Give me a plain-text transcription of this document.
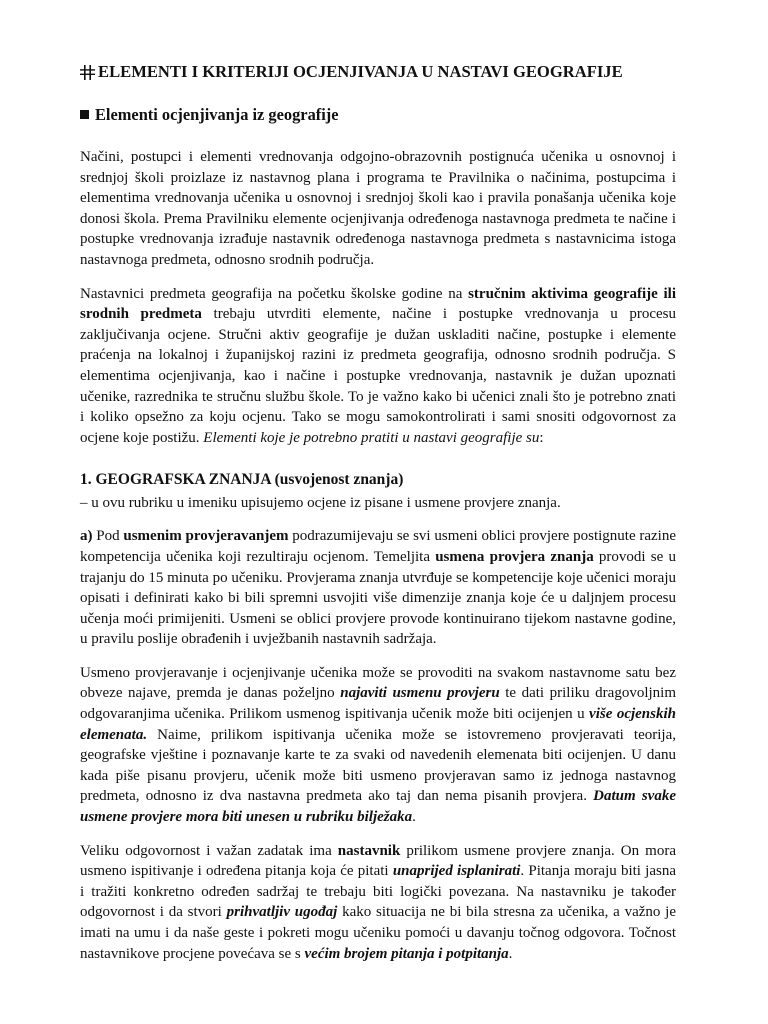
ELEMENTI I KRITERIJI OCJENJIVANJA U NASTAVI GEOGRAFIJE
Elementi ocjenjivanja iz geografije

Načini, postupci i elementi vrednovanja odgojno-obrazovnih postignuća učenika u osnovnoj i srednjoj školi proizlaze iz nastavnog plana i programa te Pravilnika o načinima, postupcima i elementima vrednovanja učenika u osnovnoj i srednjoj školi kao i pravila ponašanja učenika koje donosi škola. Prema Pravilniku elemente ocjenjivanja određenoga nastavnoga predmeta te načine i postupke vrednovanja izrađuje nastavnik određenoga nastavnoga predmeta s nastavnicima istoga nastavnoga predmeta, odnosno srodnih područja.

Nastavnici predmeta geografija na početku školske godine na stručnim aktivima geografije ili srodnih predmeta trebaju utvrditi elemente, načine i postupke vrednovanja u procesu zaključivanja ocjene. Stručni aktiv geografije je dužan uskladiti načine, postupke i elemente praćenja na lokalnoj i županijskoj razini iz predmeta geografija, odnosno srodnih područja. S elementima ocjenjivanja, kao i načine i postupke vrednovanja, nastavnik je dužan upoznati učenike, razrednika te stručnu službu škole. To je važno kako bi učenici znali što je potrebno znati i koliko opsežno za koju ocjenu. Tako se mogu samokontrolirati i sami snositi odgovornost za ocjene koje postižu. Elementi koje je potrebno pratiti u nastavi geografije su:

1. GEOGRAFSKA ZNANJA (usvojenost znanja)
– u ovu rubriku u imeniku upisujemo ocjene iz pisane i usmene provjere znanja.

a) Pod usmenim provjeravanjem podrazumijevaju se svi usmeni oblici provjere postignute razine kompetencija učenika koji rezultiraju ocjenom. Temeljita usmena provjera znanja provodi se u trajanju do 15 minuta po učeniku. Provjerama znanja utvrđuje se kompetencije koje učenici moraju opisati i definirati kako bi bili spremni usvojiti više dimenzije znanja koje će u daljnjem procesu učenja moći primijeniti. Usmeni se oblici provjere provode kontinuirano tijekom nastavne godine, u pravilu poslije obrađenih i uvježbanih nastavnih sadržaja.

Usmeno provjeravanje i ocjenjivanje učenika može se provoditi na svakom nastavnome satu bez obveze najave, premda je danas poželjno najaviti usmenu provjeru te dati priliku dragovoljnim odgovaranjima učenika. Prilikom usmenog ispitivanja učenik može biti ocijenjen u više ocjenskih elemenata. Naime, prilikom ispitivanja učenika može se istovremeno provjeravati teorija, geografske vještine i poznavanje karte te za svaki od navedenih elemenata biti ocijenjen. U danu kada piše pisanu provjeru, učenik može biti usmeno provjeravan samo iz jednoga nastavnog predmeta, odnosno iz dva nastavna predmeta ako taj dan nema pisanih provjera. Datum svake usmene provjere mora biti unesen u rubriku bilježaka.

Veliku odgovornost i važan zadatak ima nastavnik prilikom usmene provjere znanja. On mora usmeno ispitivanje i određena pitanja koja će pitati unaprijed isplanirati. Pitanja moraju biti jasna i tražiti konkretno određen sadržaj te trebaju biti logički povezana. Na nastavniku je također odgovornost i da stvori prihvatljiv ugođaj kako situacija ne bi bila stresna za učenika, a važno je imati na umu i da naše geste i pokreti mogu učeniku pomoći u davanju točnog odgovora. Točnost nastavnikove procjene povećava se s većim brojem pitanja i potpitanja.
